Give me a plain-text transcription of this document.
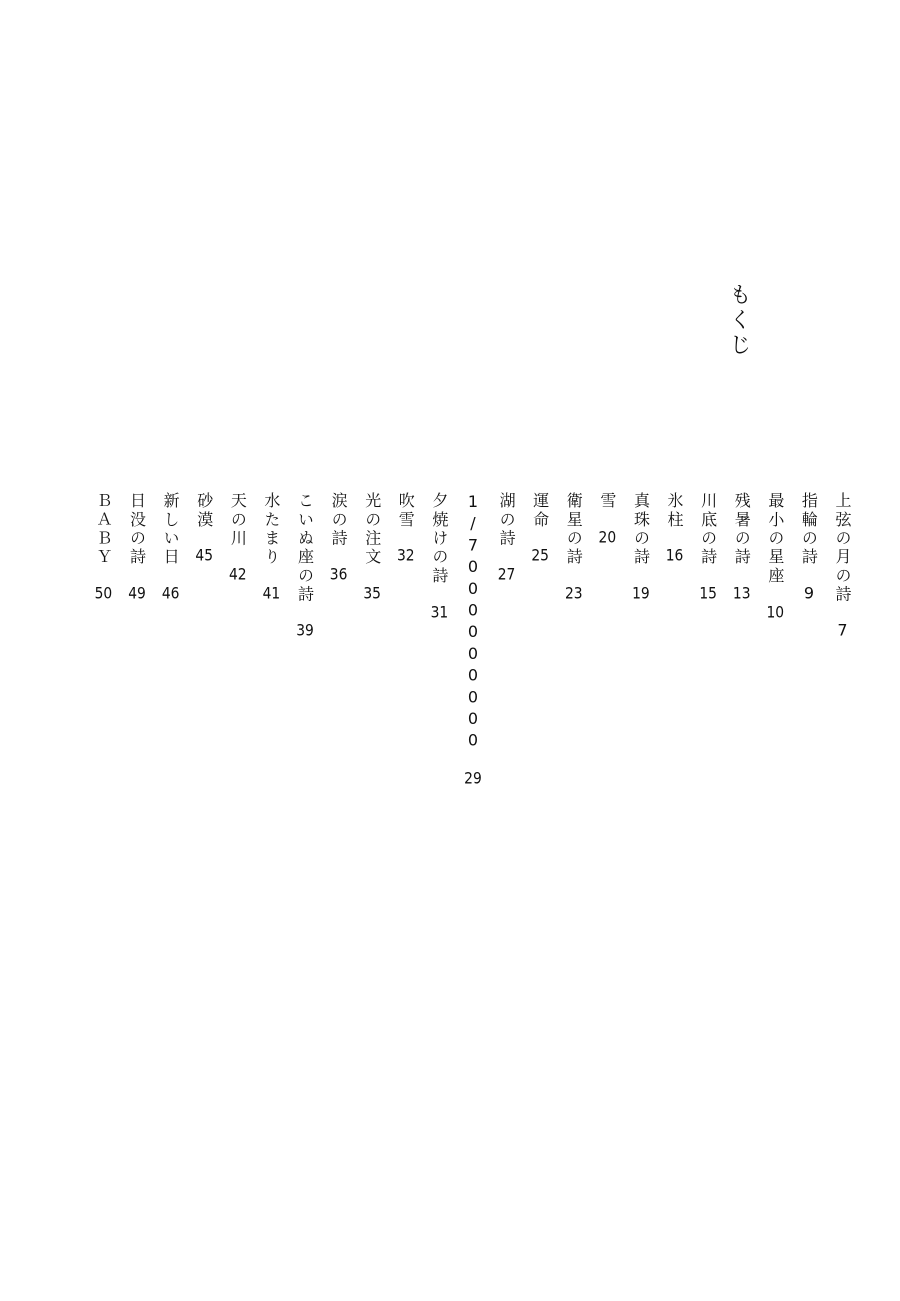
もくじ
上弦の月の詩7
指輪の詩9
最小の星座10
残暑の詩13
川底の詩15
氷柱16
真珠の詩19
雪20
衛星の詩23
運命25
湖の詩27
1/700000000029
夕焼けの詩31
吹雪32
光の注文35
涙の詩36
こいぬ座の詩39
水たまり41
天の川42
砂漠45
新しい日46
日没の詩49
ＢＡＢＹ50
